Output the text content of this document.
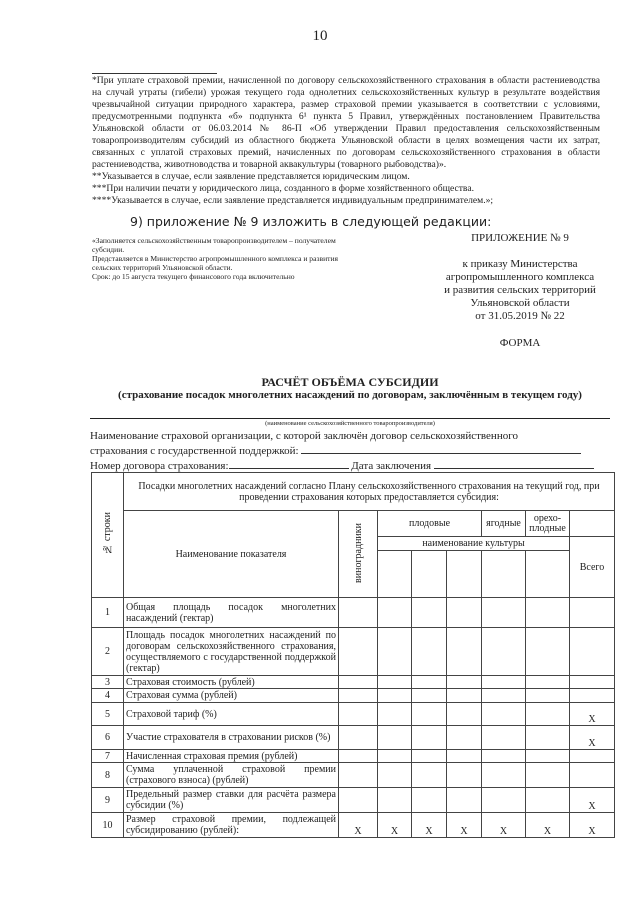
10

*При уплате страховой премии, начисленной по договору сельскохозяйственного страхования в области растениеводства на случай утраты (гибели) урожая текущего года однолетних сельскохозяйственных культур в результате воздействия чрезвычайной ситуации природного характера, размер страховой премии указывается в соответствии с условиями, предусмотренными подпункта «б» подпункта 6¹ пункта 5 Правил, утверждённых постановлением Правительства Ульяновской области от 06.03.2014 № 86-П «Об утверждении Правил предоставления сельскохозяйственным товаропроизводителям субсидий из областного бюджета Ульяновской области в целях возмещения части их затрат, связанных с уплатой страховых премий, начисленных по договорам сельскохозяйственного страхования в области растениеводства, животноводства и товарной аквакультуры (товарного рыбоводства)».

**Указывается в случае, если заявление представляется юридическим лицом.

***При наличии печати у юридического лица, созданного в форме хозяйственного общества.

****Указывается в случае, если заявление представляется индивидуальным предпринимателем.»;

9) приложение № 9 изложить в следующей редакции:

«Заполняется сельскохозяйственным товаропроизводителем – получателем субсидии.

Представляется в Министерство агропромышленного комплекса и развития сельских территорий Ульяновской области.

Срок: до 15 августа текущего финансового года включительно

ПРИЛОЖЕНИЕ № 9

к приказу Министерства

агропромышленного комплекса

и развития сельских территорий

Ульяновской области

от 31.05.2019 № 22

ФОРМА

РАСЧЁТ ОБЪЁМА СУБСИДИИ
(страхование посадок многолетних насаждений по договорам, заключённым в текущем году)
(наименование сельскохозяйственного товаропроизводителя)

Наименование страховой организации, с которой заключён договор сельскохозяйственного

страхования с государственной поддержкой:

Номер договора страхования:	Дата заключения

№ строки	Посадки многолетних насаждений согласно Плану сельскохозяйственного страхования на текущий год, при проведении страхования которых предоставляется субсидия:							
	Наименование показателя	виноградники	плодовые			ягодные	орехо-плодные	
			наименование культуры					Всего

1	Общая площадь посадок многолетних насаждений (гектар)							
2	Площадь посадок многолетних насаждений по договорам сельскохозяйственного страхования, осуществляемого с государственной поддержкой (гектар)							
3	Страховая стоимость (рублей)							
4	Страховая сумма (рублей)							
5	Страховой тариф (%)							X
6	Участие страхователя в страховании рисков (%)							X
7	Начисленная страховая премия (рублей)							
8	Сумма уплаченной страховой премии (страхового взноса) (рублей)							
9	Предельный размер ставки для расчёта размера субсидии (%)							X
10	Размер страховой премии, подлежащей субсидированию (рублей):	X	X	X	X	X	X	X
